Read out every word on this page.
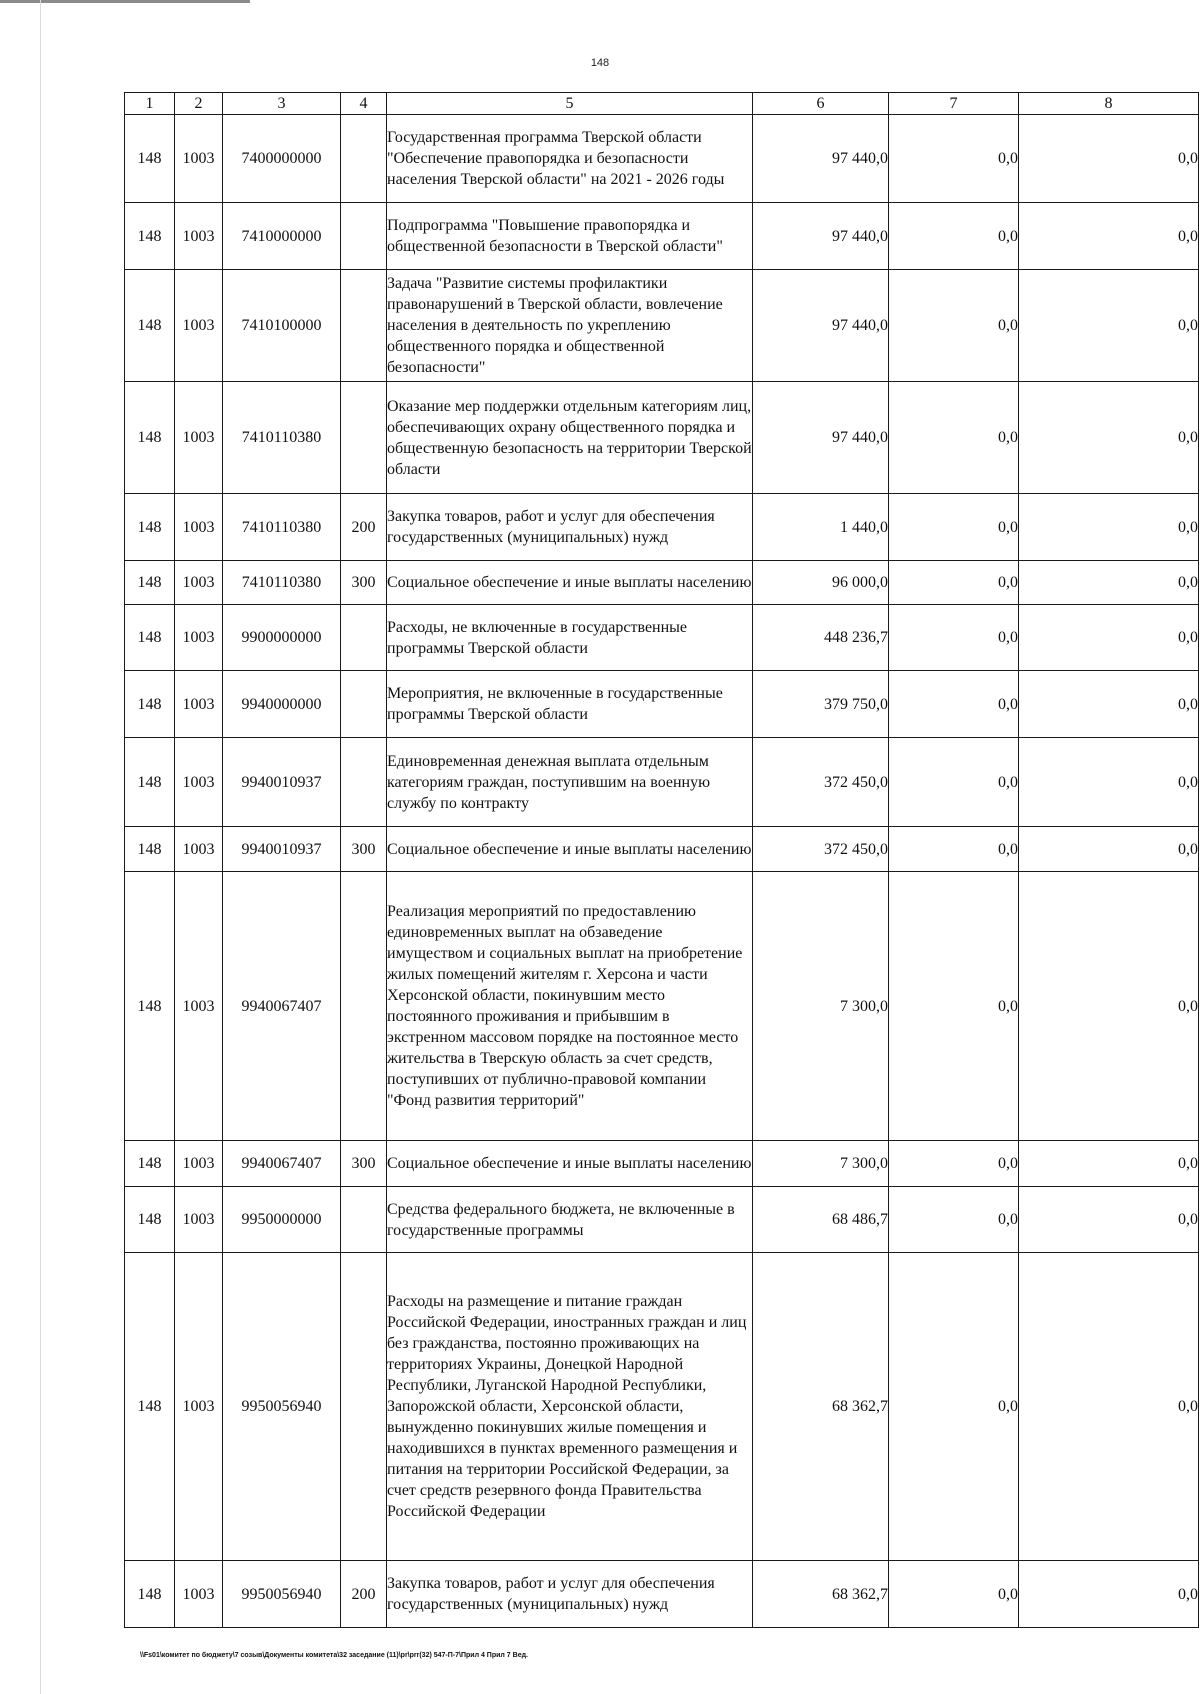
148
1	2	3	4	5	6	7	8
148	1003	7400000000		Государственная программа Тверской области "Обеспечение правопорядка и безопасности населения Тверской области" на 2021 - 2026 годы	97 440,0	0,0	0,0
148	1003	7410000000		Подпрограмма "Повышение правопорядка и общественной безопасности в Тверской области"	97 440,0	0,0	0,0
148	1003	7410100000		Задача "Развитие системы профилактики правонарушений в Тверской области, вовлечение населения в деятельность по укреплению общественного порядка и общественной безопасности"	97 440,0	0,0	0,0
148	1003	7410110380		Оказание мер поддержки отдельным категориям лиц, обеспечивающих охрану общественного порядка и общественную безопасность на территории Тверской области	97 440,0	0,0	0,0
148	1003	7410110380	200	Закупка товаров, работ и услуг для обеспечения государственных (муниципальных) нужд	1 440,0	0,0	0,0
148	1003	7410110380	300	Социальное обеспечение и иные выплаты населению	96 000,0	0,0	0,0
148	1003	9900000000		Расходы, не включенные в государственные программы Тверской области	448 236,7	0,0	0,0
148	1003	9940000000		Мероприятия, не включенные в государственные программы Тверской области	379 750,0	0,0	0,0
148	1003	9940010937		Единовременная денежная выплата отдельным категориям граждан, поступившим на военную службу по контракту	372 450,0	0,0	0,0
148	1003	9940010937	300	Социальное обеспечение и иные выплаты населению	372 450,0	0,0	0,0
148	1003	9940067407		Реализация мероприятий по предоставлению единовременных выплат на обзаведение имуществом и социальных выплат на приобретение жилых помещений жителям г. Херсона и части Херсонской области, покинувшим место постоянного проживания и прибывшим в экстренном массовом порядке на постоянное место жительства в Тверскую область за счет средств, поступивших от публично-правовой компании "Фонд развития территорий"	7 300,0	0,0	0,0
148	1003	9940067407	300	Социальное обеспечение и иные выплаты населению	7 300,0	0,0	0,0
148	1003	9950000000		Средства федерального бюджета, не включенные в государственные программы	68 486,7	0,0	0,0
148	1003	9950056940		Расходы на размещение и питание граждан Российской Федерации, иностранных граждан и лиц без гражданства, постоянно проживающих на территориях Украины, Донецкой Народной Республики, Луганской Народной Республики, Запорожской области, Херсонской области, вынужденно покинувших жилые помещения и находившихся в пунктах временного размещения и питания на территории Российской Федерации, за счет средств резервного фонда Правительства Российской Федерации	68 362,7	0,0	0,0
148	1003	9950056940	200	Закупка товаров, работ и услуг для обеспечения государственных (муниципальных) нужд	68 362,7	0,0	0,0
\\Fs01\комитет по бюджету\7 созыв\Документы комитета\32 заседание (11)\pr\prr(32) 547-П-7\Прил 4 Прил 7 Вед.
